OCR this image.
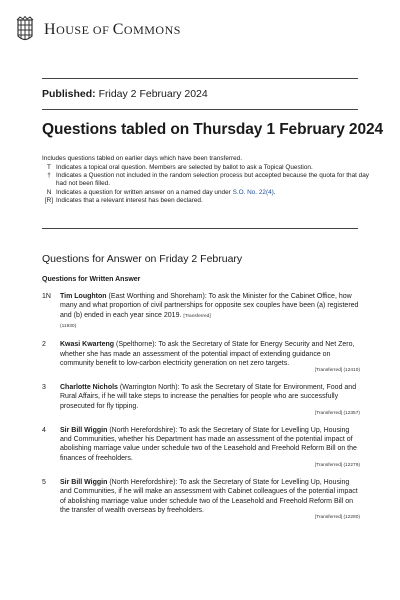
HOUSE OF COMMONS
Published: Friday 2 February 2024
Questions tabled on Thursday 1 February 2024
Includes questions tabled on earlier days which have been transferred.
T Indicates a topical oral question. Members are selected by ballot to ask a Topical Question.
† Indicates a Question not included in the random selection process but accepted because the quota for that day had not been filled.
N Indicates a question for written answer on a named day under S.O. No. 22(4).
[R] Indicates that a relevant interest has been declared.
Questions for Answer on Friday 2 February
Questions for Written Answer
1N	Tim Loughton (East Worthing and Shoreham): To ask the Minister for the Cabinet Office, how many and what proportion of civil partnerships for opposite sex couples have been (a) registered and (b) ended in each year since 2019. [Transferred]
(11930)
2	Kwasi Kwarteng (Spelthorne): To ask the Secretary of State for Energy Security and Net Zero, whether she has made an assessment of the potential impact of extending guidance on community benefit to low-carbon electricity generation on net zero targets.
[Transferred] (12410)
3	Charlotte Nichols (Warrington North): To ask the Secretary of State for Environment, Food and Rural Affairs, if he will take steps to increase the penalties for people who are successfully prosecuted for fly tipping.
[Transferred] (12357)
4	Sir Bill Wiggin (North Herefordshire): To ask the Secretary of State for Levelling Up, Housing and Communities, whether his Department has made an assessment of the potential impact of abolishing marriage value under schedule two of the Leasehold and Freehold Reform Bill on the finances of freeholders.
[Transferred] (12279)
5	Sir Bill Wiggin (North Herefordshire): To ask the Secretary of State for Levelling Up, Housing and Communities, if he will make an assessment with Cabinet colleagues of the potential impact of abolishing marriage value under schedule two of the Leasehold and Freehold Reform Bill on the transfer of wealth overseas by freeholders.
[Transferred] (12280)
